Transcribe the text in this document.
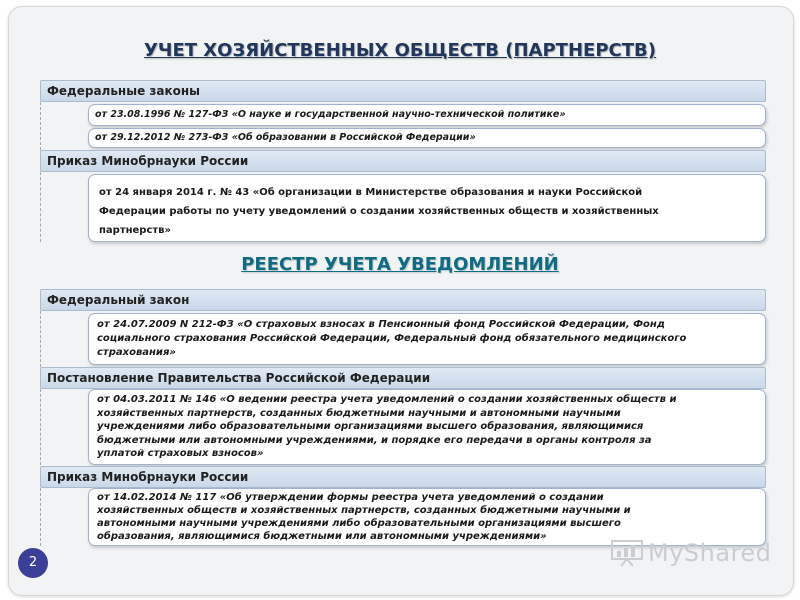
УЧЕТ ХОЗЯЙСТВЕННЫХ ОБЩЕСТВ (ПАРТНЕРСТВ)
Федеральные законы
от 23.08.1996 № 127-ФЗ «О науке и государственной научно-технической политике»
от 29.12.2012 № 273-ФЗ «Об образовании в Российской Федерации»
Приказ Минобрнауки России
от 24 января 2014 г. № 43 «Об организации в Министерстве образования и науки Российской
Федерации работы по учету уведомлений о создании хозяйственных обществ и хозяйственных
партнерств»
РЕЕСТР УЧЕТА УВЕДОМЛЕНИЙ
Федеральный закон
от 24.07.2009 N 212-ФЗ «О страховых взносах в Пенсионный фонд Российской Федерации, Фонд
социального страхования Российской Федерации, Федеральный фонд обязательного медицинского
страхования»
Постановление Правительства Российской Федерации
от 04.03.2011 № 146 «О ведении реестра учета уведомлений о создании хозяйственных обществ и
хозяйственных партнерств, созданных бюджетными научными и автономными научными
учреждениями либо образовательными организациями высшего образования, являющимися
бюджетными или автономными учреждениями, и порядке его передачи в органы контроля за
уплатой страховых взносов»
Приказ Минобрнауки России
от 14.02.2014 № 117 «Об утверждении формы реестра учета уведомлений о создании
хозяйственных обществ и хозяйственных партнерств, созданных бюджетными научными и
автономными научными учреждениями либо образовательными организациями высшего
образования, являющимися бюджетными или автономными учреждениями»
2	MyShared
